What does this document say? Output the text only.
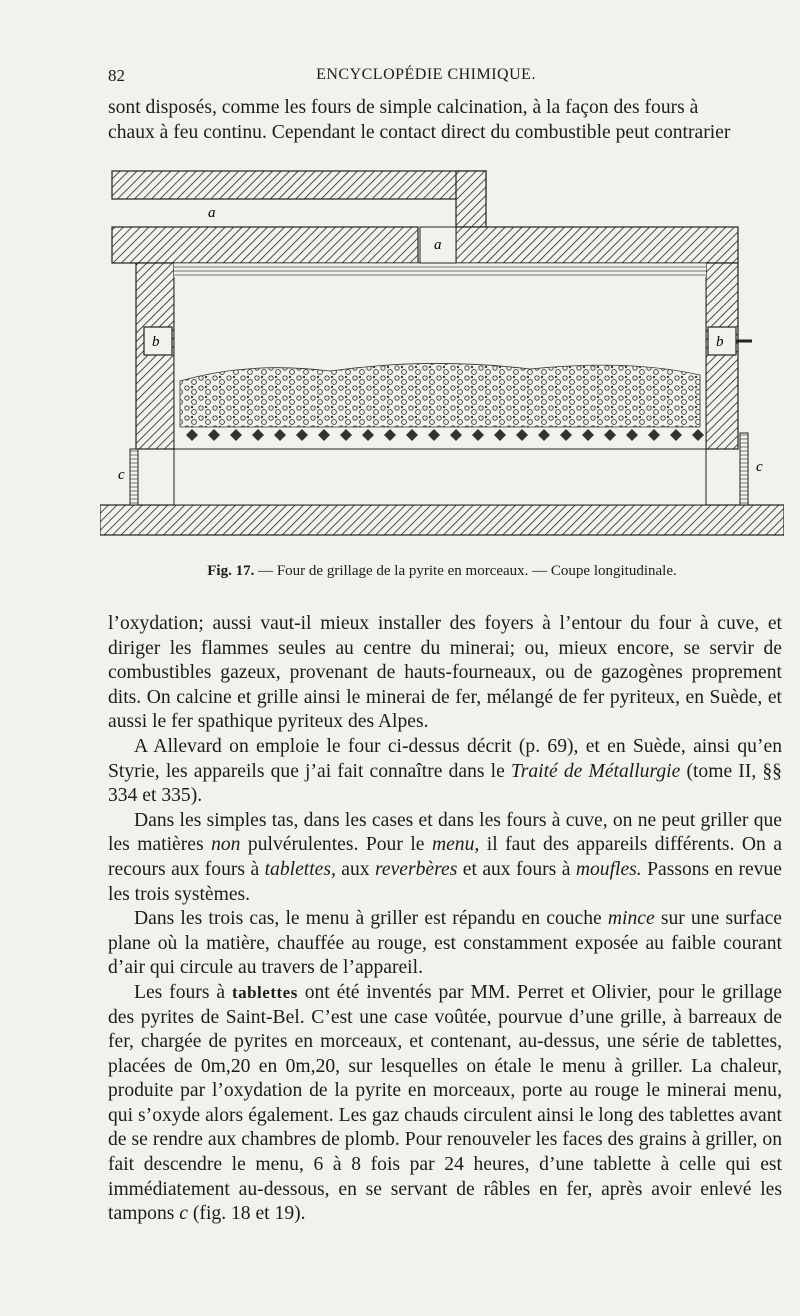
82	ENCYCLOPÉDIE CHIMIQUE.
sont disposés, comme les fours de simple calcination, à la façon des fours à
chaux à feu continu. Cependant le contact direct du combustible peut contrarier
a
a
b	b
c	c
Fig. 17. — Four de grillage de la pyrite en morceaux. — Coupe longitudinale.

l’oxydation; aussi vaut-il mieux installer des foyers à l’entour du four à cuve, et diriger les flammes seules au centre du minerai; ou, mieux encore, se servir de combustibles gazeux, provenant de hauts-fourneaux, ou de gazogènes proprement dits. On calcine et grille ainsi le minerai de fer, mélangé de fer pyriteux, en Suède, et aussi le fer spathique pyriteux des Alpes.

A Allevard on emploie le four ci-dessus décrit (p. 69), et en Suède, ainsi qu’en Styrie, les appareils que j’ai fait connaître dans le Traité de Métallurgie (tome II, §§ 334 et 335).

Dans les simples tas, dans les cases et dans les fours à cuve, on ne peut griller que les matières non pulvérulentes. Pour le menu, il faut des appareils différents. On a recours aux fours à tablettes, aux reverbères et aux fours à moufles. Passons en revue les trois systèmes.

Dans les trois cas, le menu à griller est répandu en couche mince sur une surface plane où la matière, chauffée au rouge, est constamment exposée au faible courant d’air qui circule au travers de l’appareil.

Les fours à tablettes ont été inventés par MM. Perret et Olivier, pour le grillage des pyrites de Saint-Bel. C’est une case voûtée, pourvue d’une grille, à barreaux de fer, chargée de pyrites en morceaux, et contenant, au-dessus, une série de tablettes, placées de 0m,20 en 0m,20, sur lesquelles on étale le menu à griller. La chaleur, produite par l’oxydation de la pyrite en morceaux, porte au rouge le minerai menu, qui s’oxyde alors également. Les gaz chauds circulent ainsi le long des tablettes avant de se rendre aux chambres de plomb. Pour renouveler les faces des grains à griller, on fait descendre le menu, 6 à 8 fois par 24 heures, d’une tablette à celle qui est immédiatement au-dessous, en se servant de râbles en fer, après avoir enlevé les tampons c (fig. 18 et 19).
